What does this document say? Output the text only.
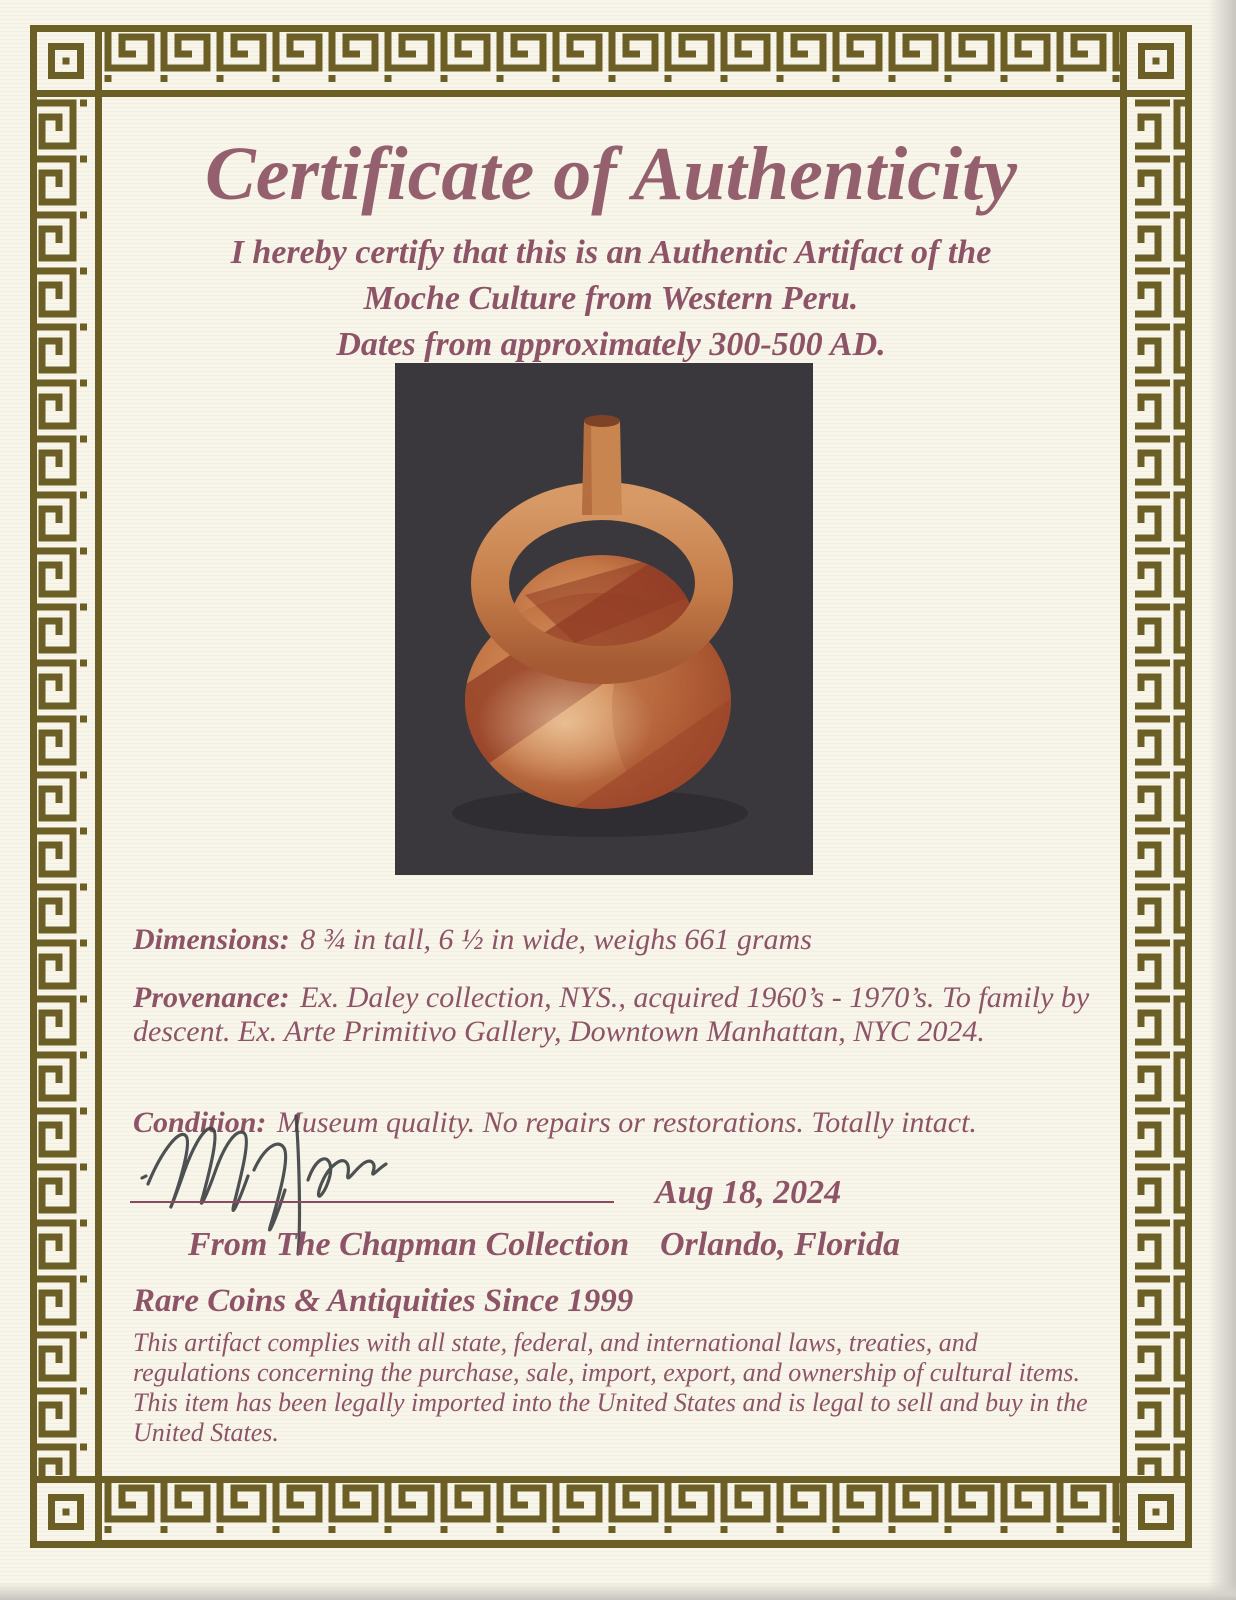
Certificate of Authenticity
I hereby certify that this is an Authentic Artifact of the
Moche Culture from Western Peru.
Dates from approximately 300-500 AD.

Dimensions: 8 ¾ in tall, 6 ½ in wide, weighs 661 grams

Provenance: Ex. Daley collection, NYS., acquired 1960’s - 1970’s. To family by descent. Ex. Arte Primitivo Gallery, Downtown Manhattan, NYC 2024.

Condition: Museum quality. No repairs or restorations. Totally intact.

Aug 18, 2024
From The Chapman Collection Orlando, Florida
Rare Coins & Antiquities Since 1999
This artifact complies with all state, federal, and international laws, treaties, and regulations concerning the purchase, sale, import, export, and ownership of cultural items. This item has been legally imported into the United States and is legal to sell and buy in the United States.
